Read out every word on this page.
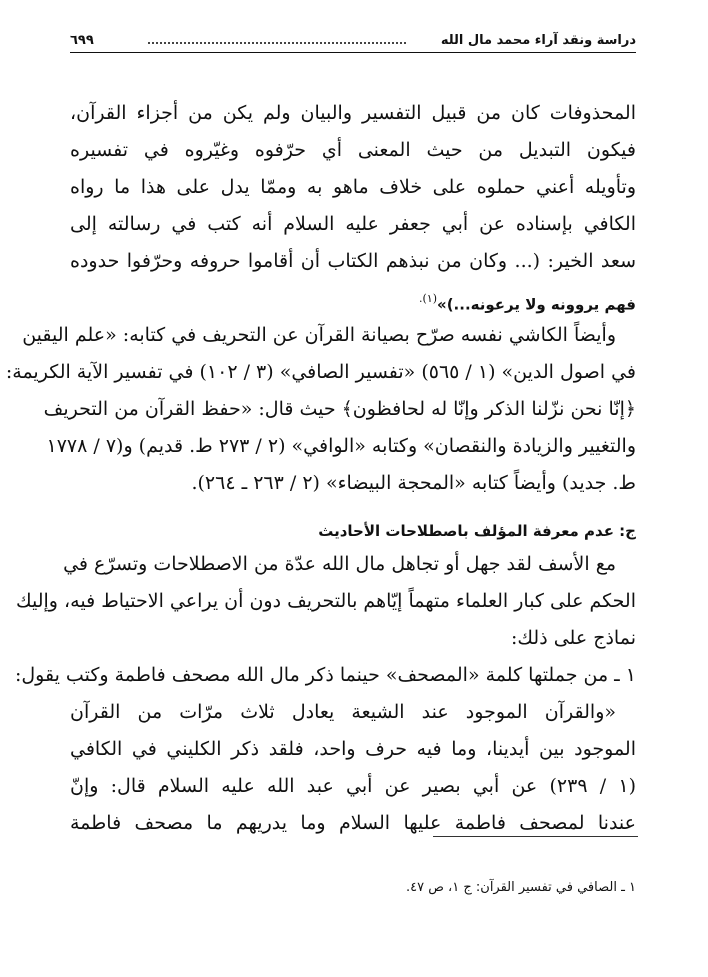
دراسة ونقد آراء محمد مال الله
٦٩٩
المحذوفات كان من قبيل التفسير والبيان ولم يكن من أجزاء القرآن،
فيكون التبديل من حيث المعنى أي حرّفوه وغيّروه في تفسيره
وتأويله أعني حملوه على خلاف ماهو به وممّا يدل على هذا ما رواه
الكافي بإسناده عن أبي جعفر عليه السلام أنه كتب في رسالته إلى
سعد الخير: (... وكان من نبذهم الكتاب أن أقاموا حروفه وحرّفوا حدوده
فهم يروونه ولا يرعونه...)»$^{(١).}$
وأيضاً الكاشي نفسه صرّح بصيانة القرآن عن التحريف في كتابه: «علم اليقين
في اصول الدين» (١ / ٥٦٥) «تفسير الصافي» (٣ / ١٠٢) في تفسير الآية الكريمة:
﴿إنّا نحن نزّلنا الذكر وإنّا له لحافظون﴾ حيث قال: «حفظ القرآن من التحريف
والتغيير والزيادة والنقصان» وكتابه «الوافي» (٢ / ٢٧٣ ط. قديم) و(٧ / ١٧٧٨
ط. جديد) وأيضاً كتابه «المحجة البيضاء» (٢ / ٢٦٣ ـ ٢٦٤).
ج: عدم معرفة المؤلف باصطلاحات الأحاديث
مع الأسف لقد جهل أو تجاهل مال الله عدّة من الاصطلاحات وتسرّع في
الحكم على كبار العلماء متهماً إيّاهم بالتحريف دون أن يراعي الاحتياط فيه، وإليك
نماذج على ذلك:
١ ـ من جملتها كلمة «المصحف» حينما ذكر مال الله مصحف فاطمة وكتب يقول:
«والقرآن الموجود عند الشيعة يعادل ثلاث مرّات من القرآن
الموجود بين أيدينا، وما فيه حرف واحد، فلقد ذكر الكليني في الكافي
(١ / ٢٣٩) عن أبي بصير عن أبي عبد الله عليه السلام قال: وإنّ
عندنا لمصحف فاطمة عليها السلام وما يدريهم ما مصحف فاطمة
١ ـ الصافي في تفسير القرآن: ج ١، ص ٤٧.
